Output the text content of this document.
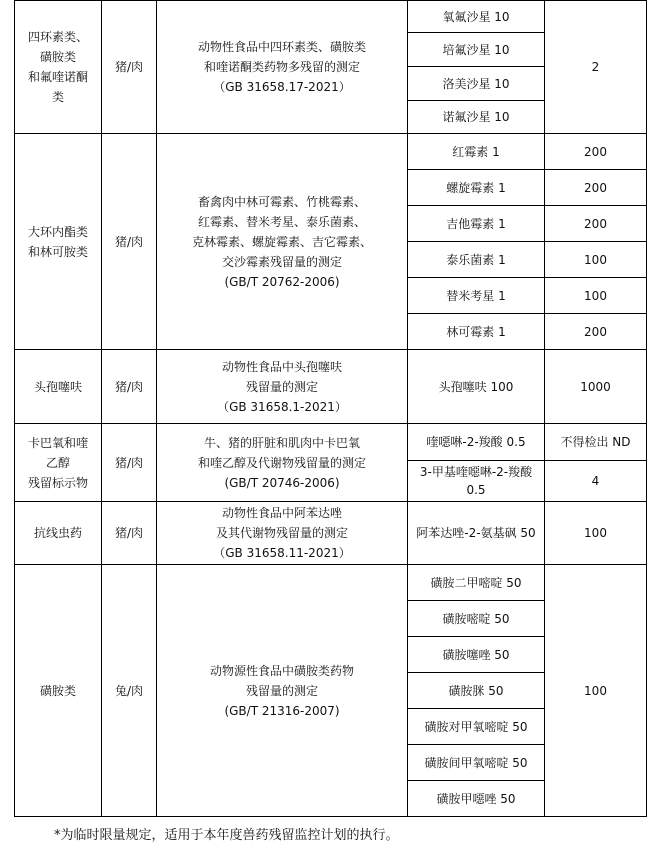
四环素类、
磺胺类
和氟喹诺酮
类	猪/肉	动物性食品中四环素类、磺胺类
和喹诺酮类药物多残留的测定
（GB 31658.17-2021）	氧氟沙星 10	2
			培氟沙星 10	
			洛美沙星 10	
			诺氟沙星 10	

大环内酯类
和林可胺类	猪/肉	畜禽肉中林可霉素、竹桃霉素、
红霉素、替米考星、泰乐菌素、
克林霉素、螺旋霉素、吉它霉素、
交沙霉素残留量的测定
(GB/T 20762-2006)	红霉素 1	200
			螺旋霉素 1	200
			吉他霉素 1	200
			泰乐菌素 1	100
			替米考星 1	100
			林可霉素 1	200
头孢噻呋	猪/肉	动物性食品中头孢噻呋
残留量的测定
（GB 31658.1-2021）	头孢噻呋 100	1000

卡巴氧和喹
乙醇
残留标示物	猪/肉	牛、猪的肝脏和肌肉中卡巴氧
和喹乙醇及代谢物残留量的测定
(GB/T 20746-2006)	喹噁啉-2-羧酸 0.5	不得检出 ND
			3-甲基喹噁啉-2-羧酸 0.5	4
抗线虫药	猪/肉	动物性食品中阿苯达唑
及其代谢物残留量的测定
（GB 31658.11-2021）	阿苯达唑-2-氨基砜 50	100
磺胺类	兔/肉	动物源性食品中磺胺类药物
残留量的测定
(GB/T 21316-2007)	磺胺二甲嘧啶 50	100
			磺胺嘧啶 50	
			磺胺噻唑 50	
			磺胺脒 50	
			磺胺对甲氧嘧啶 50	
			磺胺间甲氧嘧啶 50	
			磺胺甲噁唑 50	
*为临时限量规定，适用于本年度兽药残留监控计划的执行。
